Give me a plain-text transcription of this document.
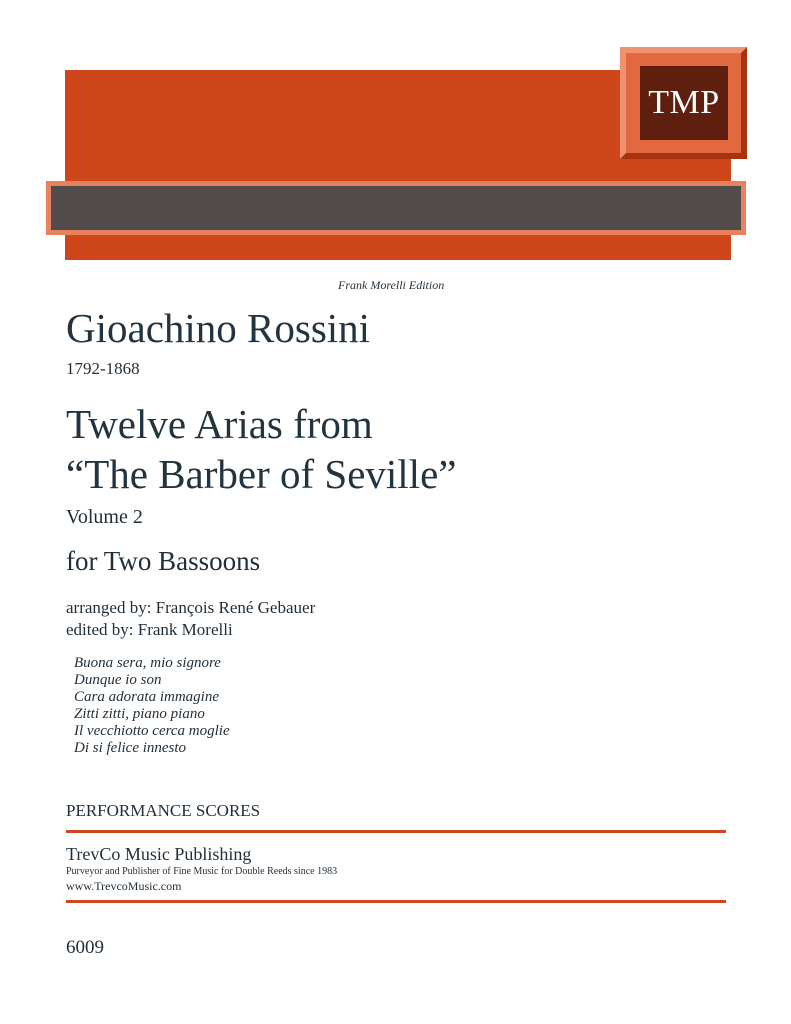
TMP
Frank Morelli Edition
Gioachino Rossini
1792-1868
Twelve Arias from
“The Barber of Seville”
Volume 2
for Two Bassoons
arranged by: François René Gebauer
edited by: Frank Morelli
Buona sera, mio signore
Dunque io son
Cara adorata immagine
Zitti zitti, piano piano
Il vecchiotto cerca moglie
Di si felice innesto
PERFORMANCE SCORES
TrevCo Music Publishing
Purveyor and Publisher of Fine Music for Double Reeds since 1983
www.TrevcoMusic.com
6009
